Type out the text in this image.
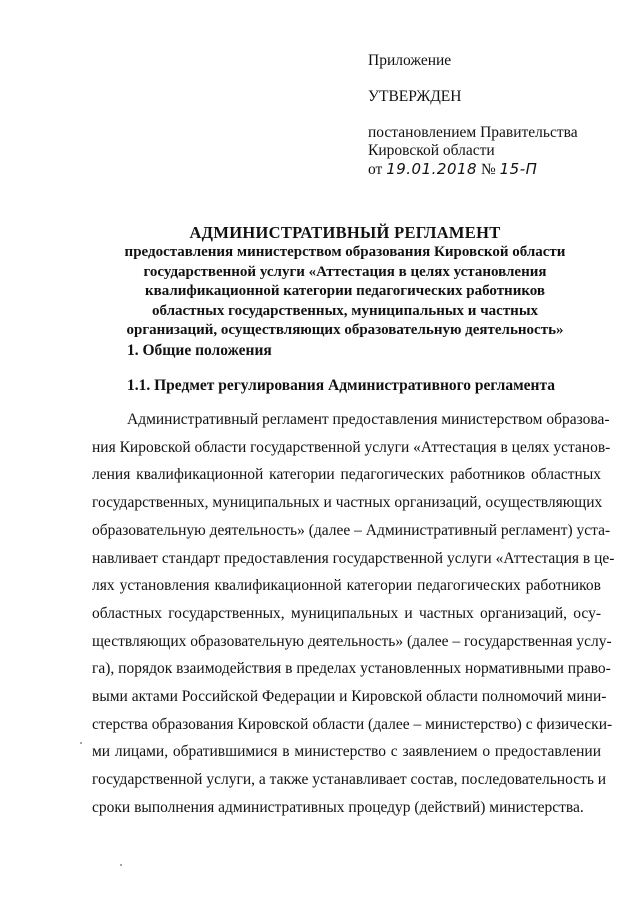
Приложение
УТВЕРЖДЕН
постановлением Правительства
Кировской области
от 19.01.2018 № 15-П
АДМИНИСТРАТИВНЫЙ РЕГЛАМЕНТ
предоставления министерством образования Кировской области
государственной услуги «Аттестация в целях установления
квалификационной категории педагогических работников
областных государственных, муниципальных и частных
организаций, осуществляющих образовательную деятельность»
1. Общие положения
1.1. Предмет регулирования Административного регламента
Административный регламент предоставления министерством образова-
ния Кировской области государственной услуги «Аттестация в целях установ-
ления квалификационной категории педагогических работников областных
государственных, муниципальных и частных организаций, осуществляющих
образовательную деятельность» (далее – Административный регламент) уста-
навливает стандарт предоставления государственной услуги «Аттестация в це-
лях установления квалификационной категории педагогических работников
областных государственных, муниципальных и частных организаций, осу-
ществляющих образовательную деятельность» (далее – государственная услу-
га), порядок взаимодействия в пределах установленных нормативными право-
выми актами Российской Федерации и Кировской области полномочий мини-
стерства образования Кировской области (далее – министерство) с физически-
ми лицами, обратившимися в министерство с заявлением о предоставлении
государственной услуги, а также устанавливает состав, последовательность и
сроки выполнения административных процедур (действий) министерства.
